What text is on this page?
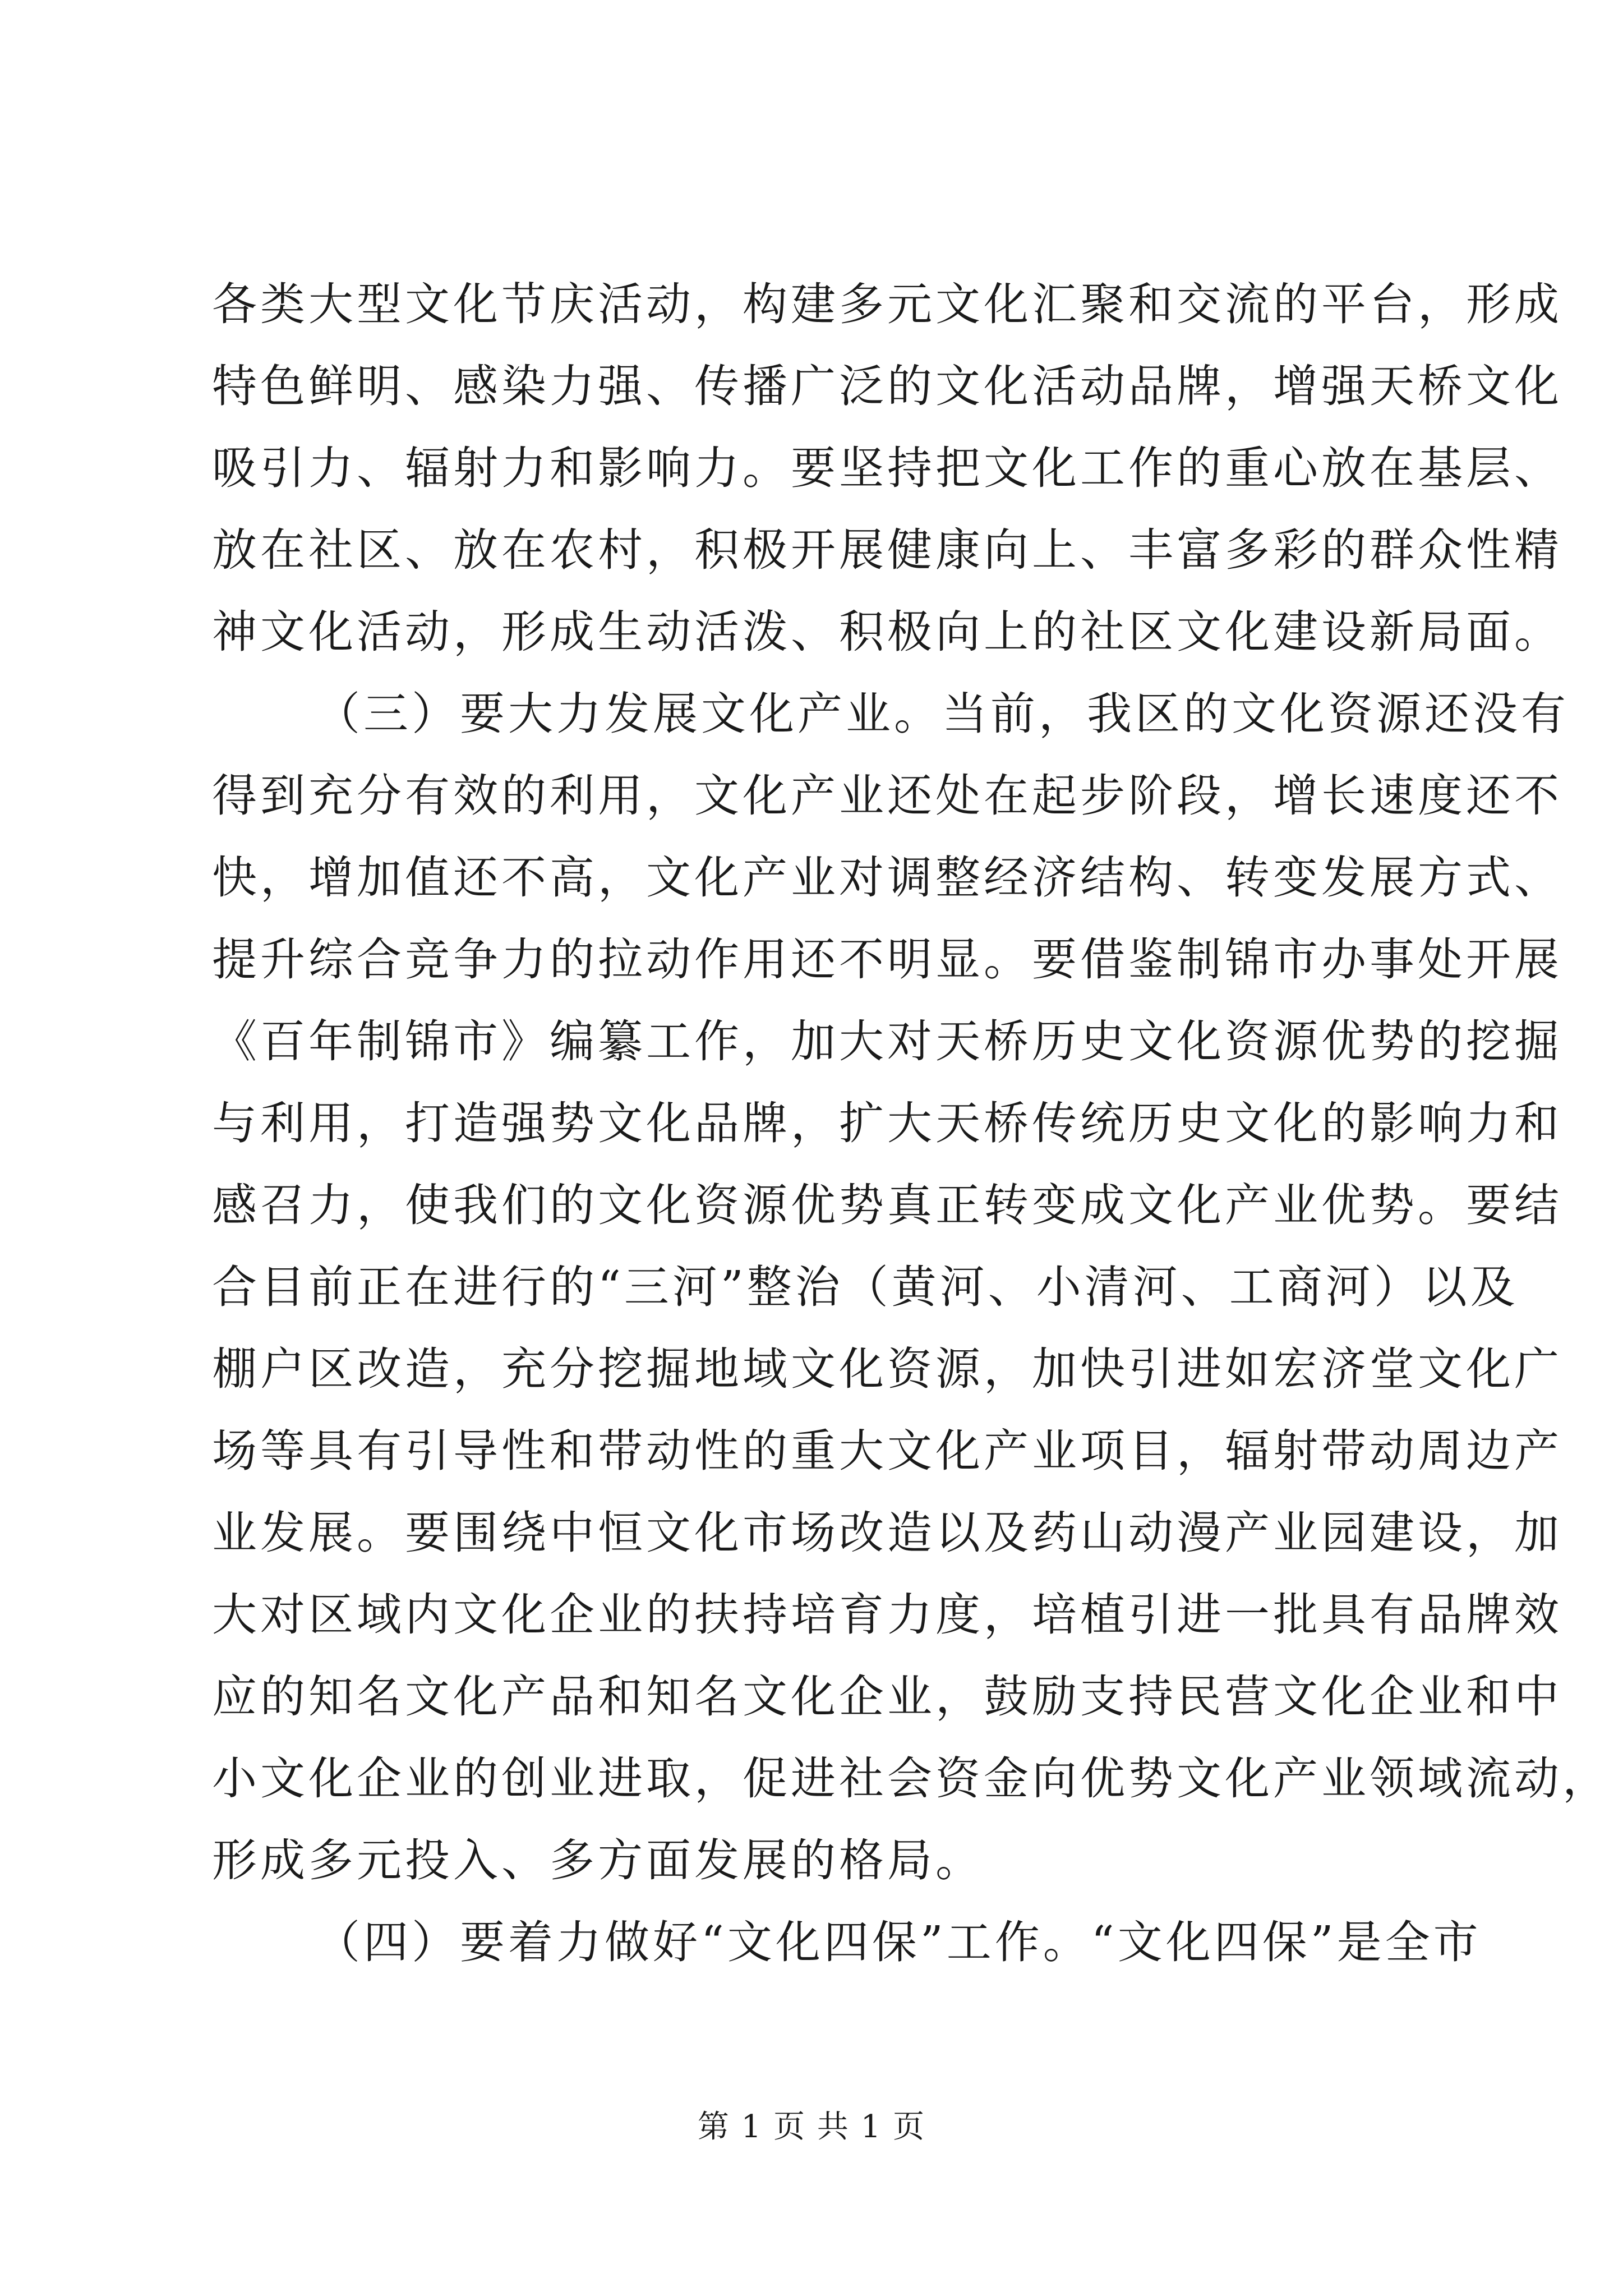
各类大型文化节庆活动，构建多元文化汇聚和交流的平台，形成
特色鲜明、感染力强、传播广泛的文化活动品牌，增强天桥文化
吸引力、辐射力和影响力。要坚持把文化工作的重心放在基层、
放在社区、放在农村，积极开展健康向上、丰富多彩的群众性精
神文化活动，形成生动活泼、积极向上的社区文化建设新局面。
（三）要大力发展文化产业。当前，我区的文化资源还没有
得到充分有效的利用，文化产业还处在起步阶段，增长速度还不
快，增加值还不高，文化产业对调整经济结构、转变发展方式、
提升综合竞争力的拉动作用还不明显。要借鉴制锦市办事处开展
《百年制锦市》编纂工作，加大对天桥历史文化资源优势的挖掘
与利用，打造强势文化品牌，扩大天桥传统历史文化的影响力和
感召力，使我们的文化资源优势真正转变成文化产业优势。要结
合目前正在进行的“三河”整治（黄河、小清河、工商河）以及
棚户区改造，充分挖掘地域文化资源，加快引进如宏济堂文化广
场等具有引导性和带动性的重大文化产业项目，辐射带动周边产
业发展。要围绕中恒文化市场改造以及药山动漫产业园建设，加
大对区域内文化企业的扶持培育力度，培植引进一批具有品牌效
应的知名文化产品和知名文化企业，鼓励支持民营文化企业和中
小文化企业的创业进取，促进社会资金向优势文化产业领域流动，
形成多元投入、多方面发展的格局。
（四）要着力做好“文化四保”工作。“文化四保”是全市
第 1 页 共 1 页
